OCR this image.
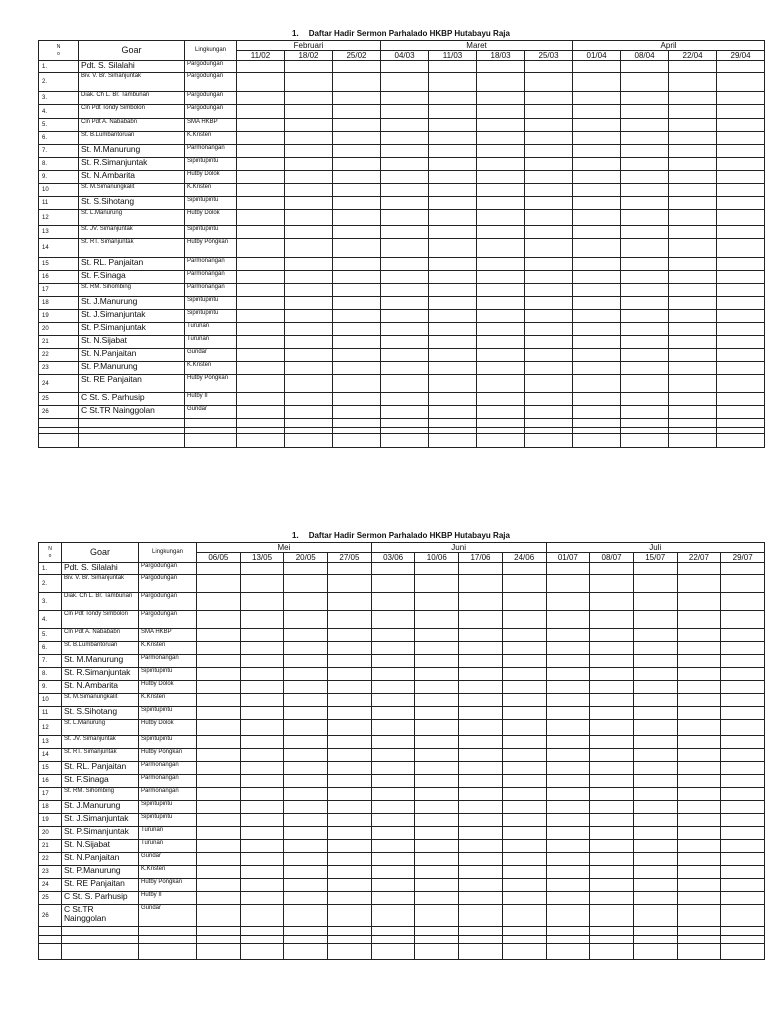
1. Daftar Hadir Sermon Parhalado HKBP Hutabayu Raja
N
o	Goar	Lingkungan	Februari			Maret				April			
			11/02	18/02	25/02	04/03	11/03	18/03	25/03	01/04	08/04	22/04	29/04
1.	Pdt. S. Silalahi	Pargodungan											
2.	Biv. V. Br. Simanjuntak	Pargodungan											
3.	Diak. Ch L. Br. Tambunan	Pargodungan											
4.	Cln Pdt Tondy Simbolon	Pargodungan											
5.	Cln Pdt A. Nabababn	SMA HKBP											
6.	St. B.Lumbantoruan	K.Kristen											
7.	St. M.Manurung	Parmonangan											
8.	St. R.Simanjuntak	Sipintupintu											
9.	St. N.Ambarita	Hutby Dolok											
10	St. M.Simanungkalit	K.Kristen											
11	St. S.Sihotang	Sipintupintu											
12	St. L.Manurung	Hutby Dolok											
13	St. JV. Simanjuntak	Sipintupintu											
14	St. RT. Simanjuntak	Hutby Pongkan											
15	St. RL. Panjaitan	Parmonangan											
16	St. F.Sinaga	Parmonangan											
17	St. RM. Sihombing	Parmonangan											
18	St. J.Manurung	Sipintupintu											
19	St. J.Simanjuntak	Sipintupintu											
20	St. P.Simanjuntak	Turunan											
21	St. N.Sijabat	Turunan											
22	St. N.Panjaitan	Gundar											
23	St. P.Manurung	K.Kristen											
24	St. RE Panjaitan	Hutby Pongkan											
25	C St. S. Parhusip	Hutby II											
26	C St.TR Nainggolan	Gundar											

1. Daftar Hadir Sermon Parhalado HKBP Hutabayu Raja
N
o	Goar	Lingkungan	Mei				Juni				Juli				
			06/05	13/05	20/05	27/05	03/06	10/06	17/06	24/06	01/07	08/07	15/07	22/07	29/07
1.	Pdt. S. Silalahi	Pargodungan													
2.	Biv. V. Br. Simanjuntak	Pargodungan													
3.	Diak. Ch L. Br. Tambunan	Pargodungan													
4.	Cln Pdt Tondy Simbolon	Pargodungan													
5.	Cln Pdt A. Nabababn	SMA HKBP													
6.	St. B.Lumbantoruan	K.Kristen													
7.	St. M.Manurung	Parmonangan													
8.	St. R.Simanjuntak	Sipintupintu													
9.	St. N.Ambarita	Hutby Dolok													
10	St. M.Simanungkalit	K.Kristen													
11	St. S.Sihotang	Sipintupintu													
12	St. L.Manurung	Hutby Dolok													
13	St. JV. Simanjuntak	Sipintupintu													
14	St. RT. Simanjuntak	Hutby Pongkan													
15	St. RL. Panjaitan	Parmonangan													
16	St. F.Sinaga	Parmonangan													
17	St. RM. Sihombing	Parmonangan													
18	St. J.Manurung	Sipintupintu													
19	St. J.Simanjuntak	Sipintupintu													
20	St. P.Simanjuntak	Turunan													
21	St. N.Sijabat	Turunan													
22	St. N.Panjaitan	Gundar													
23	St. P.Manurung	K.Kristen													
24	St. RE Panjaitan	Hutby Pongkan													
25	C St. S. Parhusip	Hutby II													
26	C St.TR Nainggolan	Gundar													
